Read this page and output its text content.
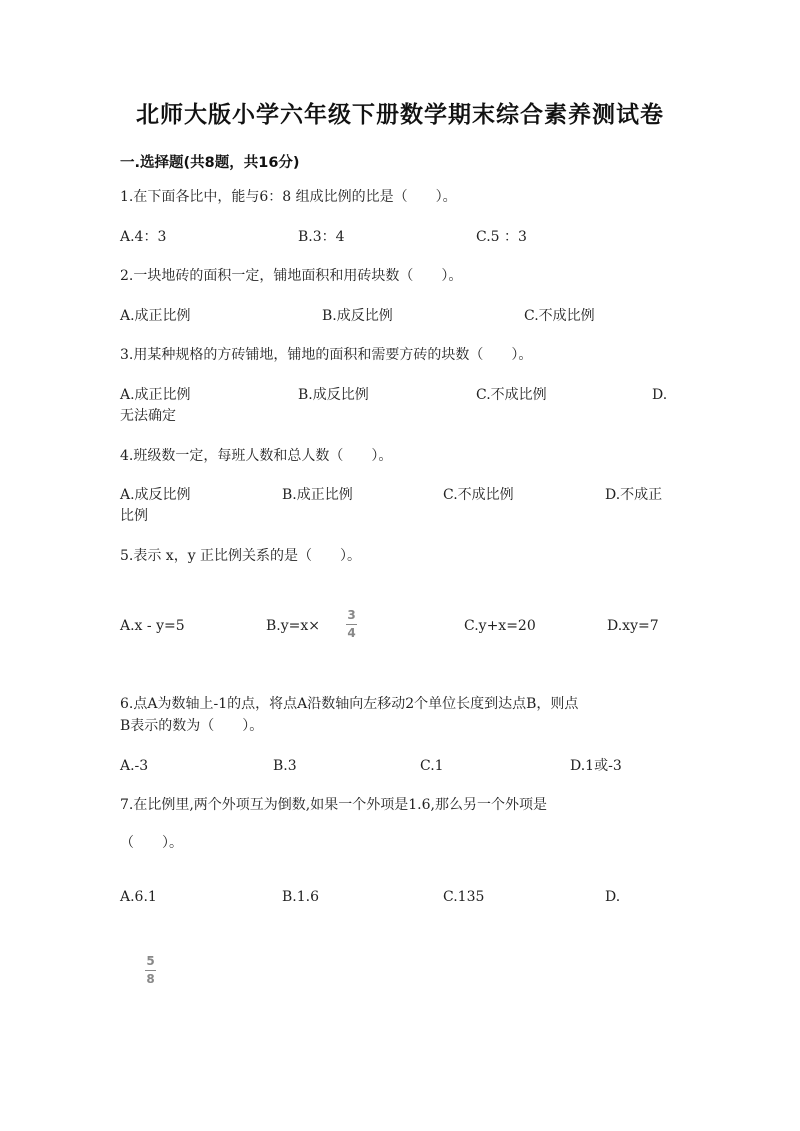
北师大版小学六年级下册数学期末综合素养测试卷
一.选择题(共8题，共16分)
1.在下面各比中，能与6：8 组成比例的比是（　　）。
A.4：3	B.3：4	C.5 ：3
2.一块地砖的面积一定，铺地面积和用砖块数（　　）。
A.成正比例	B.成反比例	C.不成比例
3.用某种规格的方砖铺地，铺地的面积和需要方砖的块数（　　）。
A.成正比例	B.成反比例	C.不成比例	D.
无法确定
4.班级数一定，每班人数和总人数（　　）。
A.成反比例	B.成正比例	C.不成比例	D.不成正
比例
5.表示 x，y 正比例关系的是（　　）。
A.x - y=5	B.y=x×
3
4	C.y+x=20	D.xy=7
6.点A为数轴上-1的点，将点A沿数轴向左移动2个单位长度到达点B，则点
B表示的数为（　　）。
A.-3	B.3	C.1	D.1或-3
7.在比例里,两个外项互为倒数,如果一个外项是1.6,那么另一个外项是
（　　）。
A.6.1	B.1.6	C.135	D.
5
8
